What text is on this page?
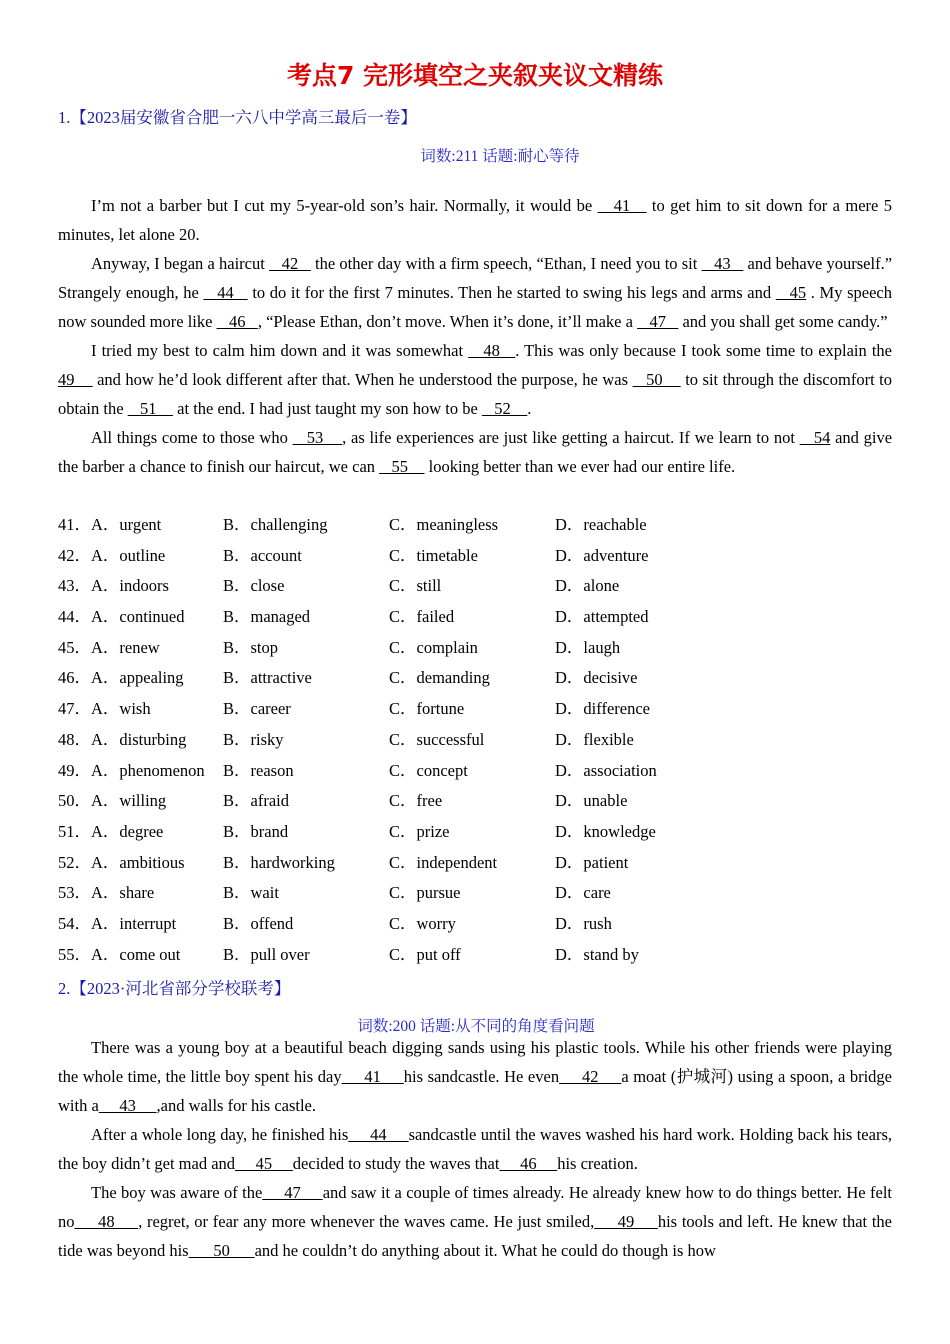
考点7 完形填空之夹叙夹议文精练
1.【2023届安徽省合肥一六八中学高三最后一卷】
词数:211 话题:耐心等待

I’m not a barber but I cut my 5-year-old son’s hair. Normally, it would be    41    to get him to sit down for a mere 5 minutes, let alone 20.

Anyway, I began a haircut    42    the other day with a firm speech, “Ethan, I need you to sit    43    and behave yourself.” Strangely enough, he    44    to do it for the first 7 minutes. Then he started to swing his legs and arms and    45 . My speech now sounded more like    46   , “Please Ethan, don’t move. When it’s done, it’ll make a    47    and you shall get some candy.”

I tried my best to calm him down and it was somewhat    48   . This was only because I took some time to explain the 49     and how he’d look different after that. When he understood the purpose, he was    50     to sit through the discomfort to obtain the    51     at the end. I had just taught my son how to be    52    .

All things come to those who    53    , as life experiences are just like getting a haircut. If we learn to not    54 and give the barber a chance to finish our haircut, we can    55     looking better than we ever had our entire life.

41． A．urgent	B．challenging	C．meaningless	D．reachable
42． A．outline	B．account	C．timetable	D．adventure
43． A．indoors	B．close	C．still	D．alone
44． A．continued B．managed	C．failed	D．attempted
45． A．renew	B．stop	C．complain	D．laugh
46． A．appealing B．attractive	C．demanding	D．decisive
47． A．wish	B．career	C．fortune	D．difference
48． A．disturbing B．risky	C．successful	D．flexible
49． A．phenomenon B．reason	C．concept	D．association
50． A．willing	B．afraid	C．free	D．unable
51． A．degree	B．brand	C．prize	D．knowledge
52． A．ambitious B．hardworking	C．independent	D．patient
53． A．share	B．wait	C．pursue	D．care
54． A．interrupt	B．offend	C．worry	D．rush
55． A．come out	B．pull over	C．put off	D．stand by
2.【2023·河北省部分学校联考】
词数:200 话题:从不同的角度看问题

There was a young boy at a beautiful beach digging sands using his plastic tools. While his other friends were playing the whole time, the little boy spent his day     41     his sandcastle. He even     42     a moat (护城河) using a spoon, a bridge with a     43     ,and walls for his castle.

After a whole long day, he finished his     44     sandcastle until the waves washed his hard work. Holding back his tears, the boy didn’t get mad and     45     decided to study the waves that     46     his creation.

The boy was aware of the     47     and saw it a couple of times already. He already knew how to do things better. He felt no     48     , regret, or fear any more whenever the waves came. He just smiled,     49     his tools and left. He knew that the tide was beyond his      50      and he couldn’t do anything about it. What he could do though is how
